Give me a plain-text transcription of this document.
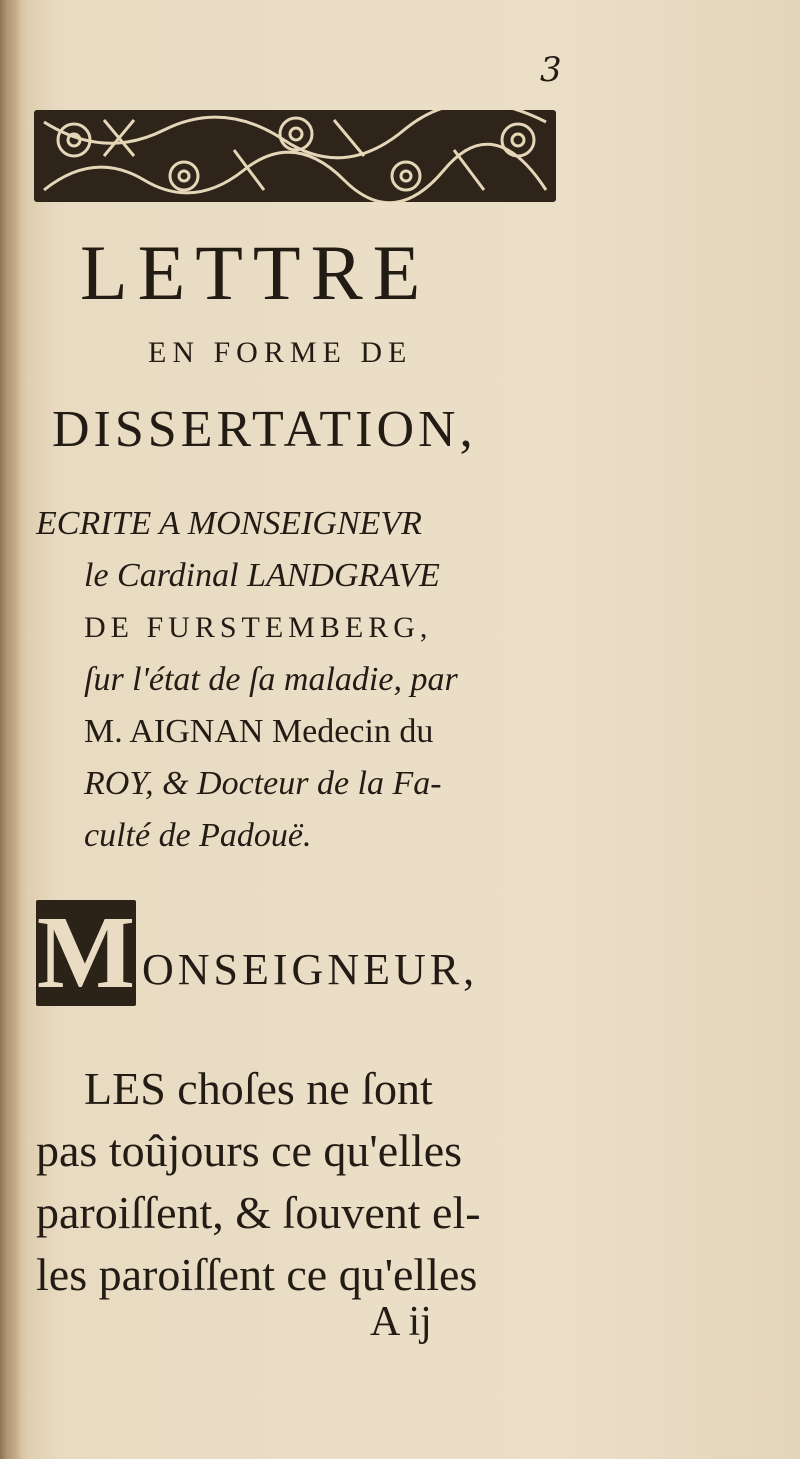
3
LETTRE
EN FORME DE
DISSERTATION,
ECRITE A MONSEIGNEVR
le Cardinal LANDGRAVE
DE FURSTEMBERG,
ſur l'état de ſa maladie, par
M. AIGNAN Medecin du
ROY, & Docteur de la Fa-
culté de Padouë.
M ONSEIGNEUR,
LES choſes ne ſont
pas toûjours ce qu'elles
paroiſſent, & ſouvent el-
les paroiſſent ce qu'elles
A ij
